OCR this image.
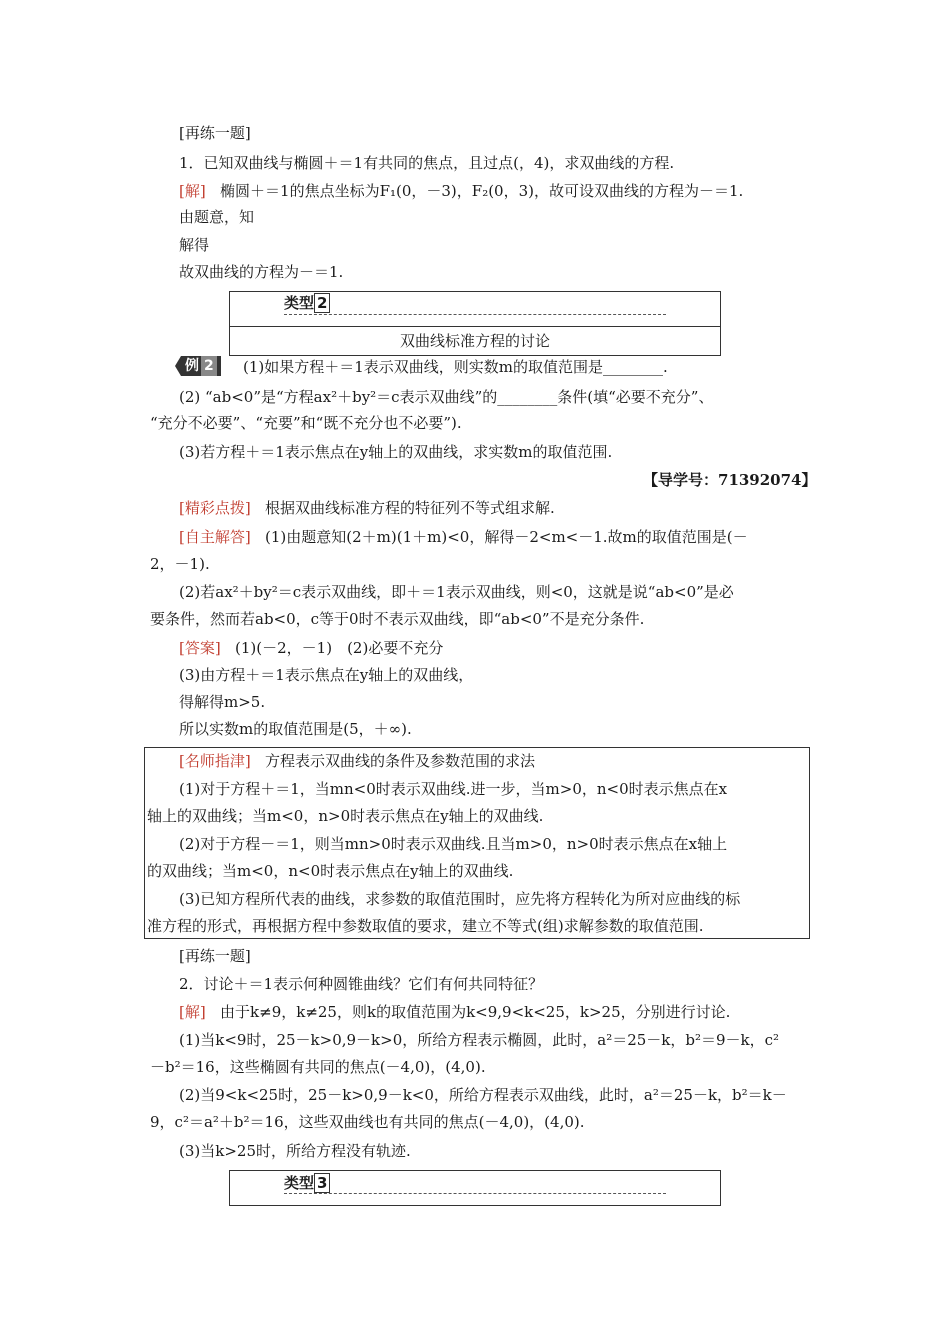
[再练一题]
1．已知双曲线与椭圆＋＝1有共同的焦点，且过点(，4)，求双曲线的方程.
[解] 椭圆＋＝1的焦点坐标为F₁(0，－3)，F₂(0，3)，故可设双曲线的方程为－＝1.
由题意，知
解得
故双曲线的方程为－＝1.
类型 2
双曲线标准方程的讨论
例 2	(1)如果方程＋＝1表示双曲线，则实数m的取值范围是________.
(2) “ab<0”是“方程ax²＋by²＝c表示双曲线”的________条件(填“必要不充分”、
“充分不必要”、“充要”和“既不充分也不必要”).
(3)若方程＋＝1表示焦点在y轴上的双曲线，求实数m的取值范围.
【导学号：71392074】
[精彩点拨] 根据双曲线标准方程的特征列不等式组求解.
[自主解答] (1)由题意知(2＋m)(1＋m)<0，解得－2<m<－1.故m的取值范围是(－
2，－1).
(2)若ax²＋by²＝c表示双曲线，即＋＝1表示双曲线，则<0，这就是说“ab<0”是必
要条件，然而若ab<0，c等于0时不表示双曲线，即“ab<0”不是充分条件.
[答案] (1)(－2，－1)　(2)必要不充分
(3)由方程＋＝1表示焦点在y轴上的双曲线，
得解得m>5.
所以实数m的取值范围是(5，＋∞).
[名师指津] 方程表示双曲线的条件及参数范围的求法
(1)对于方程＋＝1，当mn<0时表示双曲线.进一步，当m>0，n<0时表示焦点在x
轴上的双曲线；当m<0，n>0时表示焦点在y轴上的双曲线.
(2)对于方程－＝1，则当mn>0时表示双曲线.且当m>0，n>0时表示焦点在x轴上
的双曲线；当m<0，n<0时表示焦点在y轴上的双曲线.
(3)已知方程所代表的曲线，求参数的取值范围时，应先将方程转化为所对应曲线的标
准方程的形式，再根据方程中参数取值的要求，建立不等式(组)求解参数的取值范围.
[再练一题]
2．讨论＋＝1表示何种圆锥曲线？它们有何共同特征？
[解] 由于k≠9，k≠25，则k的取值范围为k<9,9<k<25，k>25，分别进行讨论.
(1)当k<9时，25－k>0,9－k>0，所给方程表示椭圆，此时，a²＝25－k，b²＝9－k，c²
－b²＝16，这些椭圆有共同的焦点(－4,0)，(4,0).
(2)当9<k<25时，25－k>0,9－k<0，所给方程表示双曲线，此时，a²＝25－k，b²＝k－
9，c²＝a²＋b²＝16，这些双曲线也有共同的焦点(－4,0)，(4,0).
(3)当k>25时，所给方程没有轨迹.
类型 3
